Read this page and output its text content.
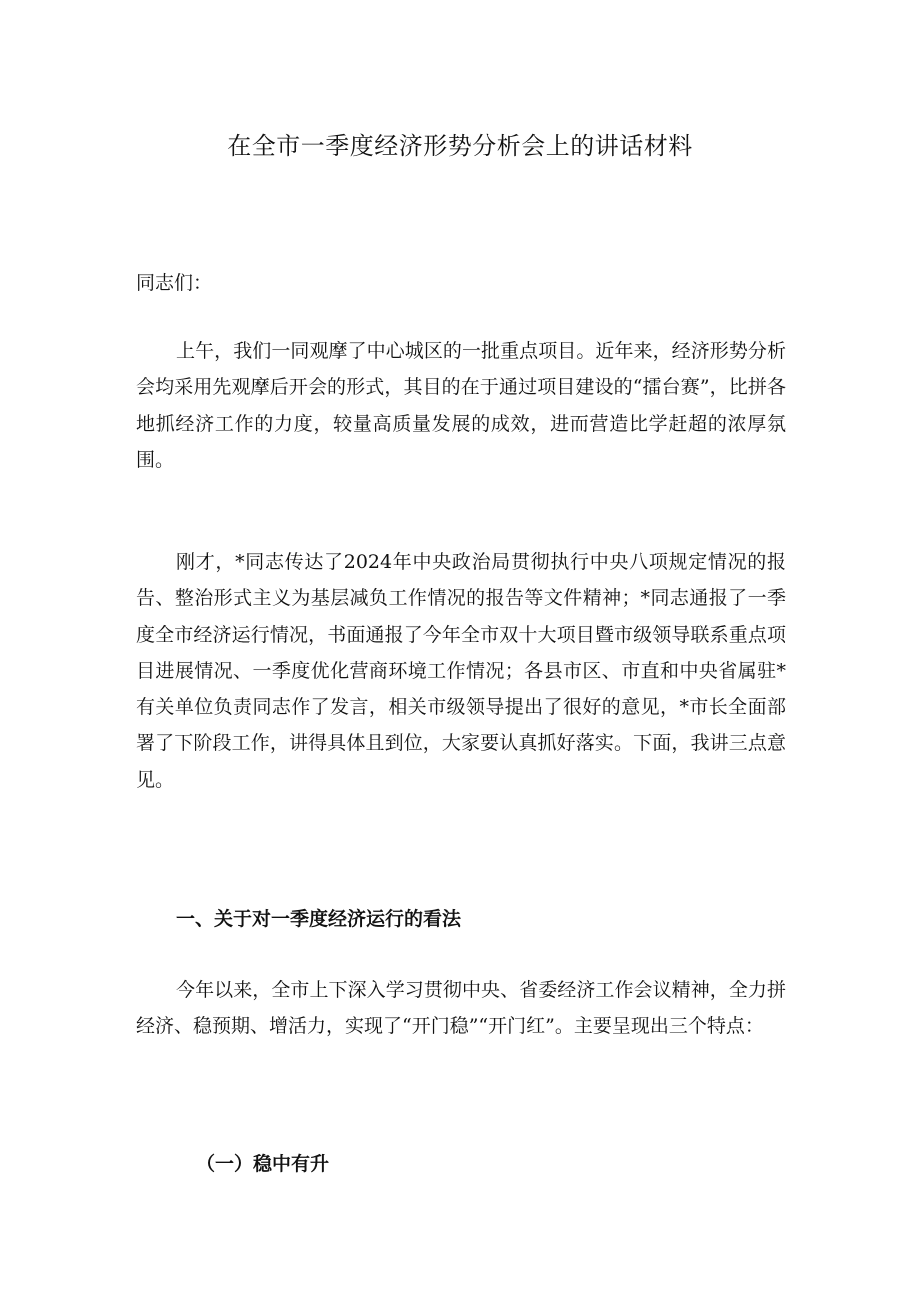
在全市一季度经济形势分析会上的讲话材料

同志们：

上午，我们一同观摩了中心城区的一批重点项目。近年来，经济形势分析会均采用先观摩后开会的形式，其目的在于通过项目建设的“擂台赛”，比拼各地抓经济工作的力度，较量高质量发展的成效，进而营造比学赶超的浓厚氛围。

刚才，*同志传达了2024年中央政治局贯彻执行中央八项规定情况的报告、整治形式主义为基层减负工作情况的报告等文件精神；*同志通报了一季度全市经济运行情况，书面通报了今年全市双十大项目暨市级领导联系重点项目进展情况、一季度优化营商环境工作情况；各县市区、市直和中央省属驻*有关单位负责同志作了发言，相关市级领导提出了很好的意见，*市长全面部署了下阶段工作，讲得具体且到位，大家要认真抓好落实。下面，我讲三点意见。

一、关于对一季度经济运行的看法

今年以来，全市上下深入学习贯彻中央、省委经济工作会议精神，全力拼经济、稳预期、增活力，实现了“开门稳”“开门红”。主要呈现出三个特点：

（一）稳中有升
